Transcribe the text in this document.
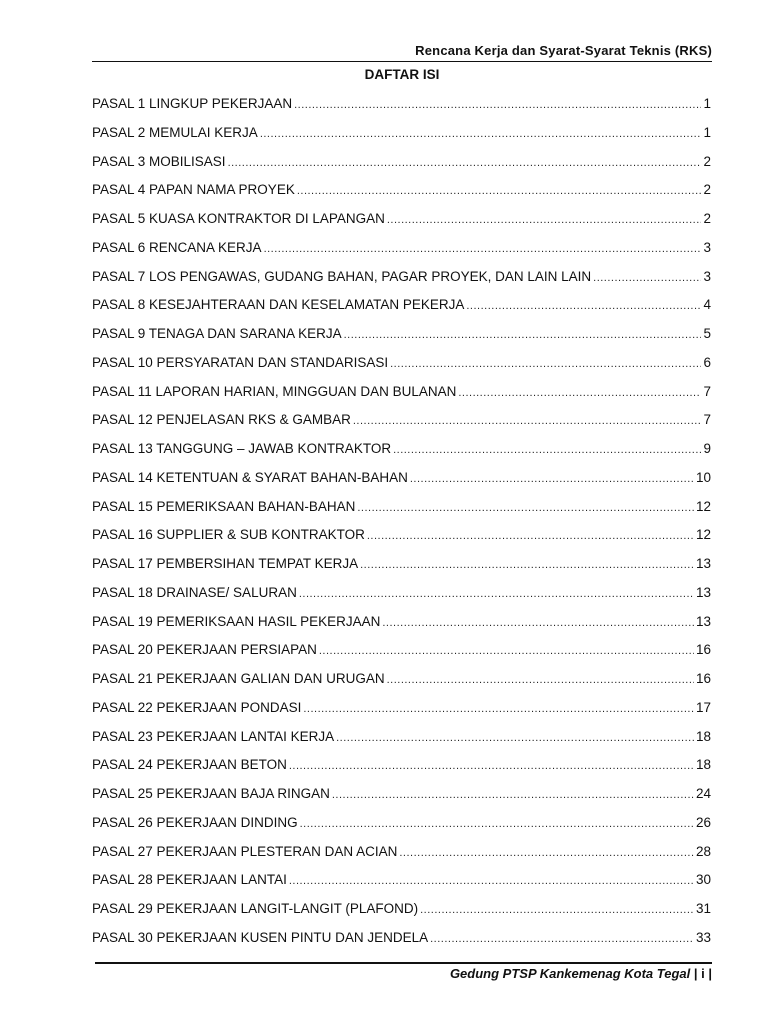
Rencana Kerja dan Syarat-Syarat Teknis (RKS)
DAFTAR ISI
PASAL 1 LINGKUP PEKERJAAN .....	1
PASAL 2 MEMULAI KERJA .....	1
PASAL 3 MOBILISASI .....	2
PASAL 4 PAPAN NAMA PROYEK .....	2
PASAL 5 KUASA KONTRAKTOR DI LAPANGAN .....	2
PASAL 6 RENCANA KERJA .....	3
PASAL 7 LOS PENGAWAS, GUDANG BAHAN, PAGAR PROYEK, DAN LAIN LAIN .....	3
PASAL 8 KESEJAHTERAAN DAN KESELAMATAN PEKERJA .....	4
PASAL 9 TENAGA DAN SARANA KERJA .....	5
PASAL 10 PERSYARATAN DAN STANDARISASI .....	6
PASAL 11 LAPORAN HARIAN, MINGGUAN DAN BULANAN .....	7
PASAL 12 PENJELASAN RKS & GAMBAR .....	7
PASAL 13 TANGGUNG – JAWAB KONTRAKTOR .....	9
PASAL 14 KETENTUAN & SYARAT BAHAN-BAHAN .....	10
PASAL 15 PEMERIKSAAN BAHAN-BAHAN .....	12
PASAL 16 SUPPLIER & SUB KONTRAKTOR .....	12
PASAL 17 PEMBERSIHAN TEMPAT KERJA .....	13
PASAL 18 DRAINASE/ SALURAN .....	13
PASAL 19 PEMERIKSAAN HASIL PEKERJAAN .....	13
PASAL 20 PEKERJAAN PERSIAPAN .....	16
PASAL 21 PEKERJAAN GALIAN DAN URUGAN .....	16
PASAL 22 PEKERJAAN PONDASI .....	17
PASAL 23 PEKERJAAN LANTAI KERJA .....	18
PASAL 24 PEKERJAAN BETON .....	18
PASAL 25 PEKERJAAN BAJA RINGAN .....	24
PASAL 26 PEKERJAAN DINDING .....	26
PASAL 27 PEKERJAAN PLESTERAN DAN ACIAN .....	28
PASAL 28 PEKERJAAN LANTAI .....	30
PASAL 29 PEKERJAAN LANGIT-LANGIT (PLAFOND) .....	31
PASAL 30 PEKERJAAN KUSEN PINTU DAN JENDELA .....	33
Gedung PTSP Kankemenag Kota Tegal | i |
